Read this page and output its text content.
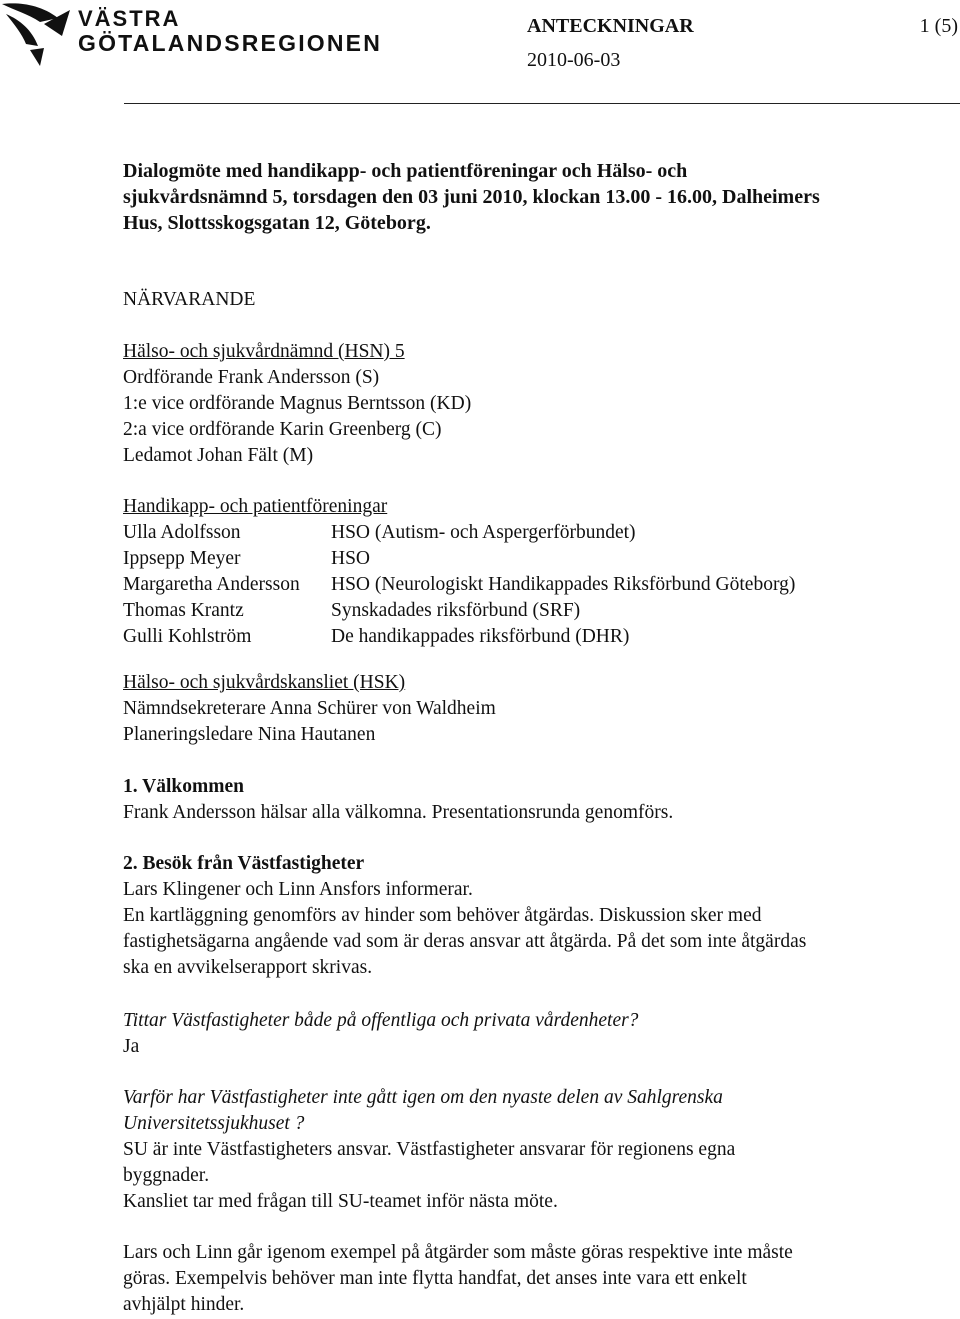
VÄSTRA
GÖTALANDSREGIONEN
ANTECKNINGAR	1 (5)
2010-06-03
Dialogmöte med handikapp- och patientföreningar och Hälso- och
sjukvårdsnämnd 5, torsdagen den 03 juni 2010, klockan 13.00 - 16.00, Dalheimers
Hus, Slottsskogsgatan 12, Göteborg.
NÄRVARANDE
Hälso- och sjukvårdnämnd (HSN) 5
Ordförande Frank Andersson (S)
1:e vice ordförande Magnus Berntsson (KD)
2:a vice ordförande Karin Greenberg (C)
Ledamot Johan Fält (M)
Handikapp- och patientföreningar
Ulla Adolfsson	HSO (Autism- och Aspergerförbundet)
Ippsepp Meyer	HSO
Margaretha Andersson HSO (Neurologiskt Handikappades Riksförbund Göteborg)
Thomas Krantz	Synskadades riksförbund (SRF)
Gulli Kohlström	De handikappades riksförbund (DHR)
Hälso- och sjukvårdskansliet (HSK)
Nämndsekreterare Anna Schürer von Waldheim
Planeringsledare Nina Hautanen
1. Välkommen
Frank Andersson hälsar alla välkomna. Presentationsrunda genomförs.
2. Besök från Västfastigheter
Lars Klingener och Linn Ansfors informerar.
En kartläggning genomförs av hinder som behöver åtgärdas. Diskussion sker med
fastighetsägarna angående vad som är deras ansvar att åtgärda. På det som inte åtgärdas
ska en avvikelserapport skrivas.
Tittar Västfastigheter både på offentliga och privata vårdenheter?
Ja
Varför har Västfastigheter inte gått igen om den nyaste delen av Sahlgrenska
Universitetssjukhuset ?
SU är inte Västfastigheters ansvar. Västfastigheter ansvarar för regionens egna
byggnader.
Kansliet tar med frågan till SU-teamet inför nästa möte.
Lars och Linn går igenom exempel på åtgärder som måste göras respektive inte måste
göras. Exempelvis behöver man inte flytta handfat, det anses inte vara ett enkelt
avhjälpt hinder.
